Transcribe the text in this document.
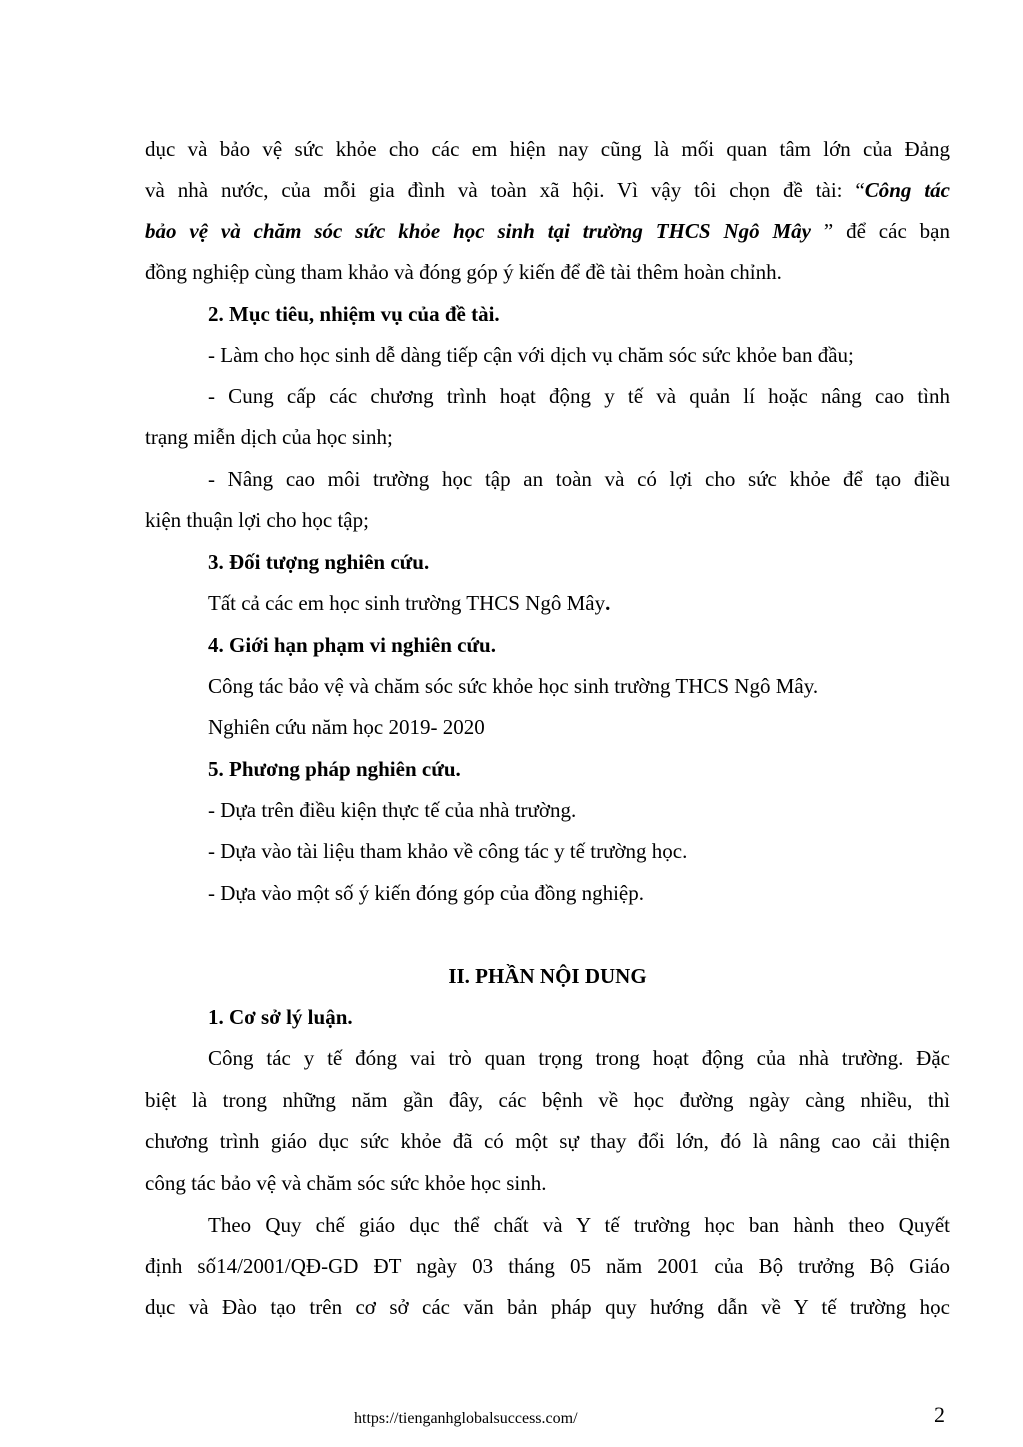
dục và bảo vệ sức khỏe cho các em hiện nay cũng là mối quan tâm lớn của Đảng
và nhà nước, của mỗi gia đình và toàn xã hội. Vì vậy tôi chọn đề tài: “Công tác
bảo vệ và chăm sóc sức khỏe học sinh tại trường THCS Ngô Mây ” để các bạn
đồng nghiệp cùng tham khảo và đóng góp ý kiến để đề tài thêm hoàn chỉnh.
2. Mục tiêu, nhiệm vụ của đề tài.
- Làm cho học sinh dễ dàng tiếp cận với dịch vụ chăm sóc sức khỏe ban đầu;
- Cung cấp các chương trình hoạt động y tế và quản lí hoặc nâng cao tình
trạng miễn dịch của học sinh;
- Nâng cao môi trường học tập an toàn và có lợi cho sức khỏe để tạo điều
kiện thuận lợi cho học tập;
3. Đối tượng nghiên cứu.
Tất cả các em học sinh trường THCS Ngô Mây.
4. Giới hạn phạm vi nghiên cứu.
Công tác bảo vệ và chăm sóc sức khỏe học sinh trường THCS Ngô Mây.
Nghiên cứu năm học 2019- 2020
5. Phương pháp nghiên cứu.
- Dựa trên điều kiện thực tế của nhà trường.
- Dựa vào tài liệu tham khảo về công tác y tế trường học.
- Dựa vào một số ý kiến đóng góp của đồng nghiệp.
II. PHẦN NỘI DUNG
1. Cơ sở lý luận.
Công tác y tế đóng vai trò quan trọng trong hoạt động của nhà trường. Đặc
biệt là trong những năm gần đây, các bệnh về học đường ngày càng nhiều, thì
chương trình giáo dục sức khỏe đã có một sự thay đổi lớn, đó là nâng cao cải thiện
công tác bảo vệ và chăm sóc sức khỏe học sinh.
Theo Quy chế giáo dục thể chất và Y tế trường học ban hành theo Quyết
định số14/2001/QĐ-GD ĐT ngày 03 tháng 05 năm 2001 của Bộ trưởng Bộ Giáo
dục và Đào tạo trên cơ sở các văn bản pháp quy hướng dẫn về Y tế trường học
https://tienganhglobalsuccess.com/	2
